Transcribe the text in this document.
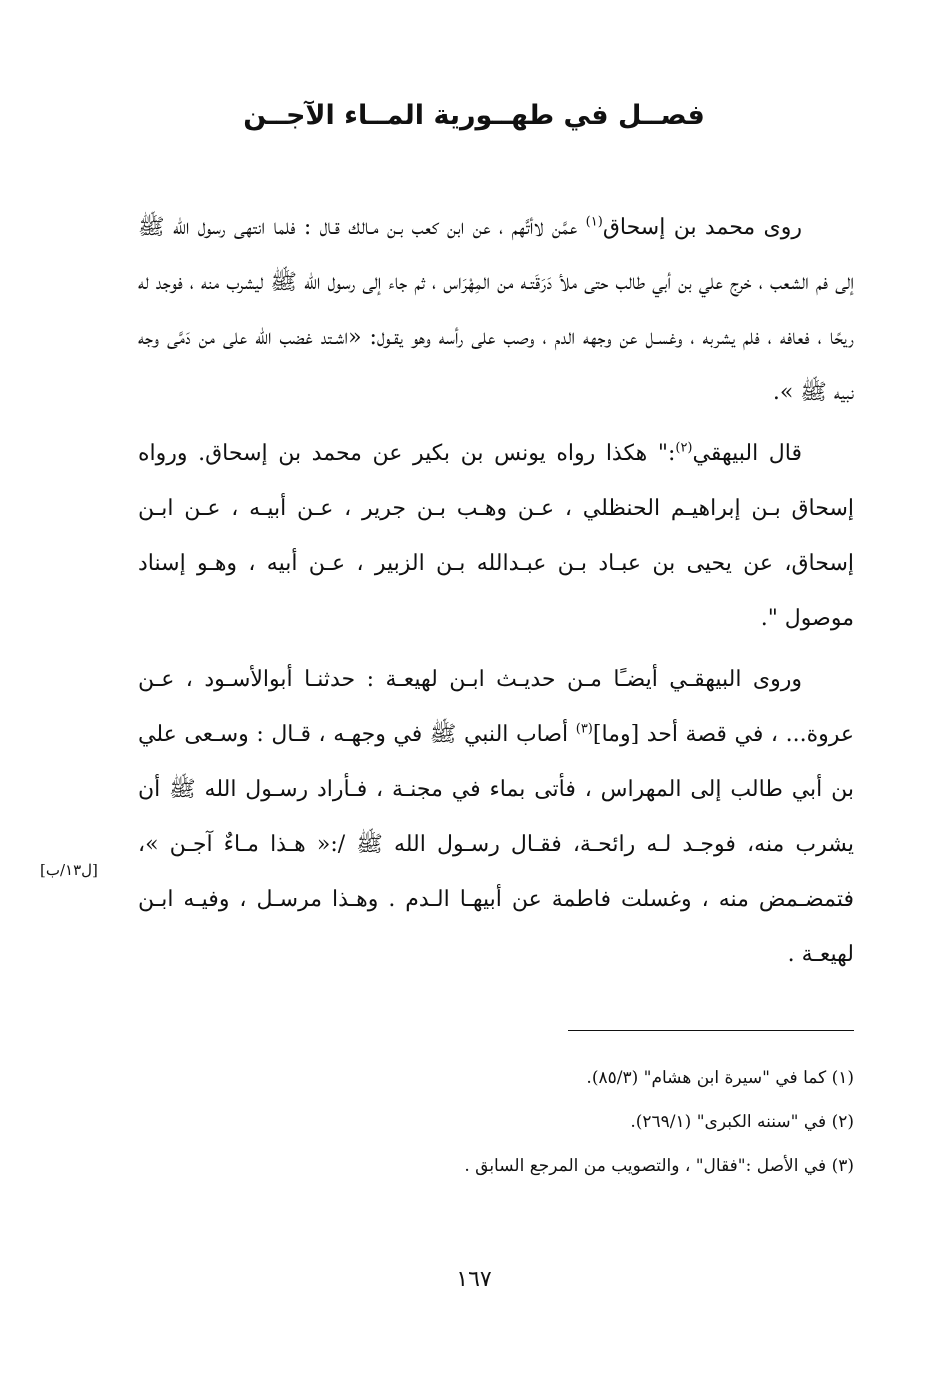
فصــل في طهــورية المــاء الآجــن

روى محمد بن إسحاق$^{(١)}$ عمَّن لاأتَّهم ، عن ابن كعب بـن مـالك قـال : فلما انتهى رسول الله ﷺ إلى فم الشعب ، خرج علي بن أبي طالب حتى ملأ دَرَقَتـه من المِهْرَاس ، ثم جاء إلى رسول الله ﷺ ليشرب منه ، فوجد له ريحًا ، فعافه ، فلم يشربه ، وغسـل عن وجهه الدم ، وصب على رأسه وهو يقـول: «اشـتد غضب الله على من دَمَّى وجه نبيه ﷺ ».

قال البيهقي$^{(٢)}$:" هكذا رواه يونس بن بكير عن محمد بن إسحاق. ورواه إسحاق بـن إبراهيـم الحنظلي ، عـن وهـب بـن جرير ، عـن أبيـه ، عـن ابـن إسحاق، عن يحيى بن عبـاد بـن عبـدالله بـن الزبير ، عـن أبيه ، وهـو إسناد موصول ".

وروى البيهقـي أيضـًا مـن حديـث ابـن لهيعـة : حدثنـا أبوالأسـود ، عـن عروة... ، في قصة أحد [وما]$^{(٣)}$ أصاب النبي ﷺ في وجهـه ، قـال : وسـعى علي بن أبي طالب إلى المهراس ، فأتى بماء في مجنـة ، فـأراد رسـول الله ﷺ أن يشرب منه، فوجـد لـه رائحـة، فقـال رسـول الله ﷺ /:« هـذا مـاءٌ آجـن »، فتمضـمض منه ، وغسلت فاطمة عن أبيهـا الـدم . وهـذا مرسـل ، وفيـه ابـن لهيعـة .

[ل١٣/ب]

(١) كما في "سيرة ابن هشام" (٨٥/٣).

(٢) في "سننه الكبرى" (٢٦٩/١).

(٣) في الأصل :"فقال" ، والتصويب من المرجع السابق .

١٦٧
